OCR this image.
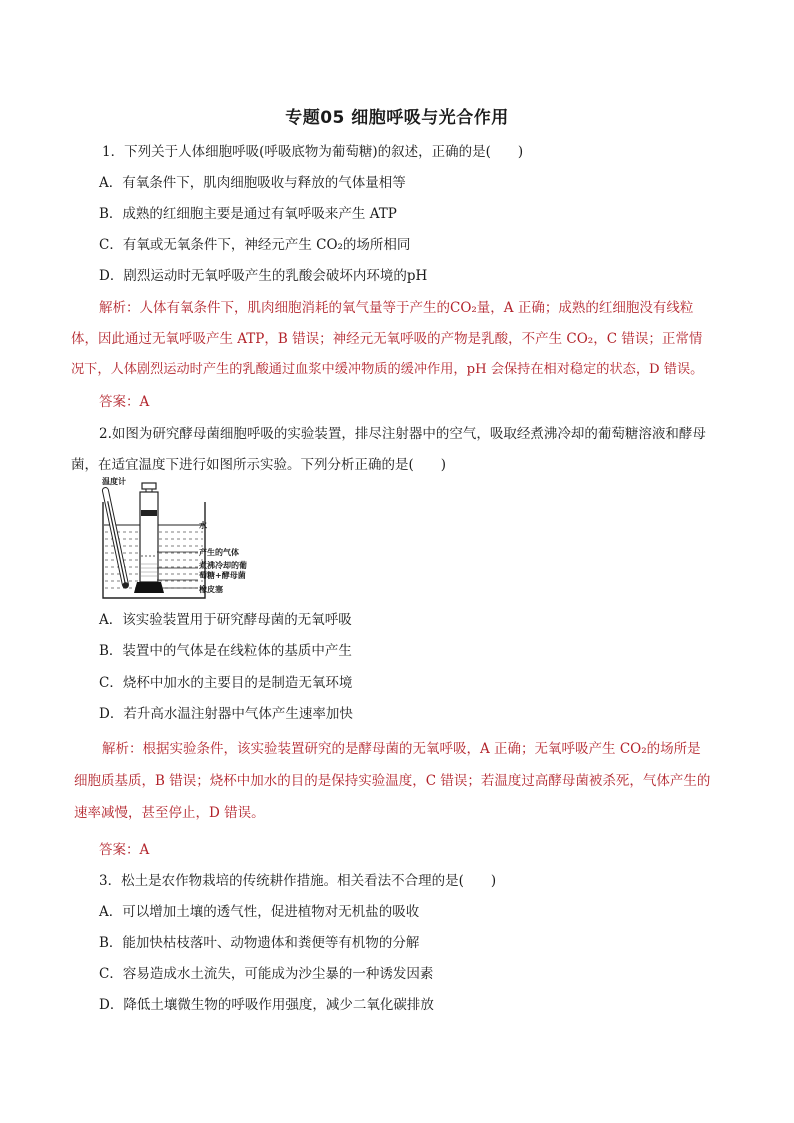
专题05 细胞呼吸与光合作用
1．下列关于人体细胞呼吸(呼吸底物为葡萄糖)的叙述，正确的是(　　)
A．有氧条件下，肌肉细胞吸收与释放的气体量相等
B．成熟的红细胞主要是通过有氧呼吸来产生 ATP
C．有氧或无氧条件下，神经元产生 CO₂的场所相同
D．剧烈运动时无氧呼吸产生的乳酸会破坏内环境的pH
解析：人体有氧条件下，肌肉细胞消耗的氧气量等于产生的CO₂量，A 正确；成熟的红细胞没有线粒
体，因此通过无氧呼吸产生 ATP，B 错误；神经元无氧呼吸的产物是乳酸，不产生 CO₂，C 错误；正常情
况下，人体剧烈运动时产生的乳酸通过血浆中缓冲物质的缓冲作用，pH 会保持在相对稳定的状态，D 错误。
答案：A
2.如图为研究酵母菌细胞呼吸的实验装置，排尽注射器中的空气，吸取经煮沸冷却的葡萄糖溶液和酵母
菌，在适宜温度下进行如图所示实验。下列分析正确的是(　　)
温度计
水
产生的气体
煮沸冷却的葡
萄糖+酵母菌
橡皮塞
A．该实验装置用于研究酵母菌的无氧呼吸
B．装置中的气体是在线粒体的基质中产生
C．烧杯中加水的主要目的是制造无氧环境
D．若升高水温注射器中气体产生速率加快
解析：根据实验条件，该实验装置研究的是酵母菌的无氧呼吸，A 正确；无氧呼吸产生 CO₂的场所是
细胞质基质，B 错误；烧杯中加水的目的是保持实验温度，C 错误；若温度过高酵母菌被杀死，气体产生的
速率减慢，甚至停止，D 错误。
答案：A
3．松土是农作物栽培的传统耕作措施。相关看法不合理的是(　　)
A．可以增加土壤的透气性，促进植物对无机盐的吸收
B．能加快枯枝落叶、动物遗体和粪便等有机物的分解
C．容易造成水土流失，可能成为沙尘暴的一种诱发因素
D．降低土壤微生物的呼吸作用强度，减少二氧化碳排放
